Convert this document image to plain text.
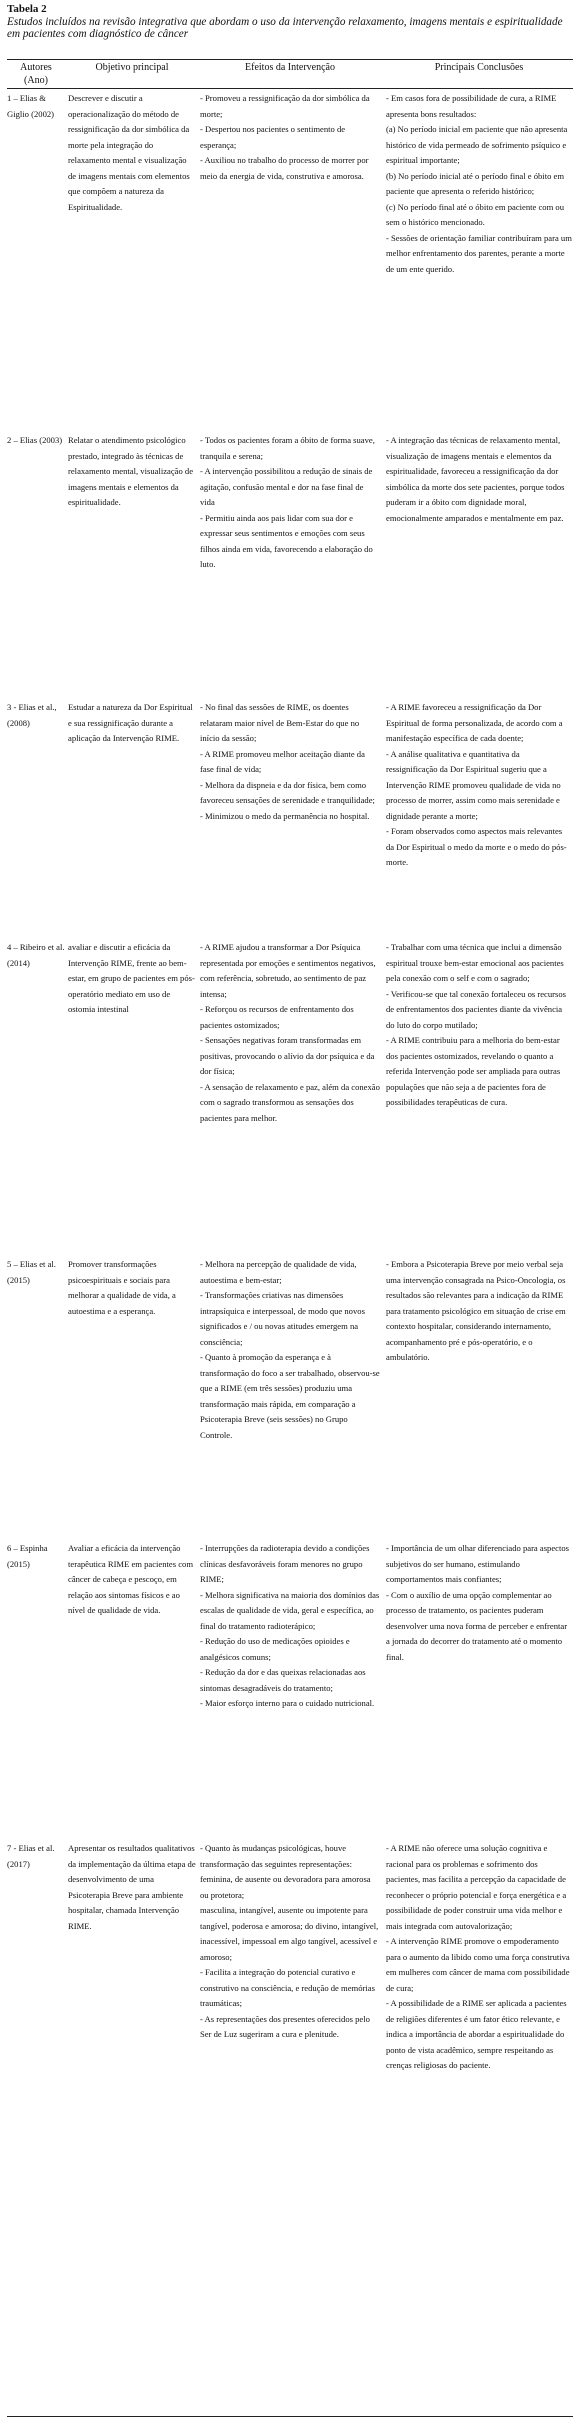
Tabela 2
Estudos incluídos na revisão integrativa que abordam o uso da intervenção relaxamento, imagens mentais e espiritualidade em pacientes com diagnóstico de câncer
Autores (Ano)
Objetivo principal	Efeitos da Intervenção	Principais Conclusões
1 – Elias & Giglio (2002)
Descrever e discutir a operacionalização do método de ressignificação da dor simbólica da morte pela integração do relaxamento mental e visualização de imagens mentais com elementos que compõem a natureza da Espiritualidade.

- Promoveu a ressignificação da dor simbólica da morte;

- Despertou nos pacientes o sentimento de esperança;

- Auxiliou no trabalho do processo de morrer por meio da energia de vida, construtiva e amorosa.

- Em casos fora de possibilidade de cura, a RIME apresenta bons resultados:

(a) No período inicial em paciente que não apresenta histórico de vida permeado de sofrimento psíquico e espiritual importante;

(b) No período inicial até o período final e óbito em paciente que apresenta o referido histórico;

(c) No período final até o óbito em paciente com ou sem o histórico mencionado.

- Sessões de orientação familiar contribuíram para um melhor enfrentamento dos parentes, perante a morte de um ente querido.

2 – Elias (2003) Relatar o atendimento psicológico prestado, integrado às técnicas de relaxamento mental, visualização de imagens mentais e elementos da espiritualidade.

- Todos os pacientes foram a óbito de forma suave, tranquila e serena;

- A intervenção possibilitou a redução de sinais de agitação, confusão mental e dor na fase final de vida

- Permitiu ainda aos pais lidar com sua dor e expressar seus sentimentos e emoções com seus filhos ainda em vida, favorecendo a elaboração do luto.

- A integração das técnicas de relaxamento mental, visualização de imagens mentais e elementos da espiritualidade, favoreceu a ressignificação da dor simbólica da morte dos sete pacientes, porque todos puderam ir a óbito com dignidade moral, emocionalmente amparados e mentalmente em paz.

3 - Elias et al., (2008)
Estudar a natureza da Dor Espiritual e sua ressignificação durante a aplicação da Intervenção RIME.

- No final das sessões de RIME, os doentes relataram maior nível de Bem-Estar do que no início da sessão;

- A RIME promoveu melhor aceitação diante da fase final de vida;

- Melhora da dispneia e da dor física, bem como favoreceu sensações de serenidade e tranquilidade;

- Minimizou o medo da permanência no hospital.

- A RIME favoreceu a ressignificação da Dor Espiritual de forma personalizada, de acordo com a manifestação específica de cada doente;

- A análise qualitativa e quantitativa da ressignificação da Dor Espiritual sugeriu que a Intervenção RIME promoveu qualidade de vida no processo de morrer, assim como mais serenidade e dignidade perante a morte;

- Foram observados como aspectos mais relevantes da Dor Espiritual o medo da morte e o medo do pós-morte.

4 – Ribeiro et al. (2014)
avaliar e discutir a eficácia da Intervenção RIME, frente ao bem-estar, em grupo de pacientes em pós-operatório mediato em uso de ostomia intestinal

- A RIME ajudou a transformar a Dor Psíquica representada por emoções e sentimentos negativos, com referência, sobretudo, ao sentimento de paz intensa;

- Reforçou os recursos de enfrentamento dos pacientes ostomizados;

- Sensações negativas foram transformadas em positivas, provocando o alívio da dor psíquica e da dor física;

- A sensação de relaxamento e paz, além da conexão com o sagrado transformou as sensações dos pacientes para melhor.

- Trabalhar com uma técnica que inclui a dimensão espiritual trouxe bem-estar emocional aos pacientes pela conexão com o self e com o sagrado;

- Verificou-se que tal conexão fortaleceu os recursos de enfrentamentos dos pacientes diante da vivência do luto do corpo mutilado;

- A RIME contribuiu para a melhoria do bem-estar dos pacientes ostomizados, revelando o quanto a referida Intervenção pode ser ampliada para outras populações que não seja a de pacientes fora de possibilidades terapêuticas de cura.

5 – Elias et al. (2015)
Promover transformações psicoespirituais e sociais para melhorar a qualidade de vida, a autoestima e a esperança.

- Melhora na percepção de qualidade de vida, autoestima e bem-estar;

- Transformações criativas nas dimensões intrapsíquica e interpessoal, de modo que novos significados e / ou novas atitudes emergem na consciência;

- Quanto à promoção da esperança e à transformação do foco a ser trabalhado, observou-se que a RIME (em três sessões) produziu uma transformação mais rápida, em comparação a Psicoterapia Breve (seis sessões) no Grupo Controle.

- Embora a Psicoterapia Breve por meio verbal seja uma intervenção consagrada na Psico-Oncologia, os resultados são relevantes para a indicação da RIME para tratamento psicológico em situação de crise em contexto hospitalar, considerando internamento, acompanhamento pré e pós-operatório, e o ambulatório.

6 – Espinha (2015)
Avaliar a eficácia da intervenção terapêutica RIME em pacientes com câncer de cabeça e pescoço, em relação aos sintomas físicos e ao nível de qualidade de vida.

- Interrupções da radioterapia devido a condições clínicas desfavoráveis foram menores no grupo RIME;

- Melhora significativa na maioria dos domínios das escalas de qualidade de vida, geral e específica, ao final do tratamento radioterápico;

- Redução do uso de medicações opioides e analgésicos comuns;

- Redução da dor e das queixas relacionadas aos sintomas desagradáveis do tratamento;

- Maior esforço interno para o cuidado nutricional.

- Importância de um olhar diferenciado para aspectos subjetivos do ser humano, estimulando comportamentos mais confiantes;

- Com o auxílio de uma opção complementar ao processo de tratamento, os pacientes puderam desenvolver uma nova forma de perceber e enfrentar a jornada do decorrer do tratamento até o momento final.

7 - Elias et al. (2017)
Apresentar os resultados qualitativos da implementação da última etapa de desenvolvimento de uma Psicoterapia Breve para ambiente hospitalar, chamada Intervenção RIME.

- Quanto às mudanças psicológicas, houve transformação das seguintes representações: feminina, de ausente ou devoradora para amorosa ou protetora;

masculina, intangível, ausente ou impotente para tangível, poderosa e amorosa; do divino, intangível, inacessível, impessoal em algo tangível, acessível e amoroso;

- Facilita a integração do potencial curativo e construtivo na consciência, e redução de memórias traumáticas;

- As representações dos presentes oferecidos pelo Ser de Luz sugeriram a cura e plenitude.

- A RIME não oferece uma solução cognitiva e racional para os problemas e sofrimento dos pacientes, mas facilita a percepção da capacidade de reconhecer o próprio potencial e força energética e a possibilidade de poder construir uma vida melhor e mais integrada com autovalorização;

- A intervenção RIME promove o empoderamento para o aumento da libido como uma força construtiva em mulheres com câncer de mama com possibilidade de cura;

- A possibilidade de a RIME ser aplicada a pacientes de religiões diferentes é um fator ético relevante, e indica a importância de abordar a espiritualidade do ponto de vista acadêmico, sempre respeitando as crenças religiosas do paciente.
